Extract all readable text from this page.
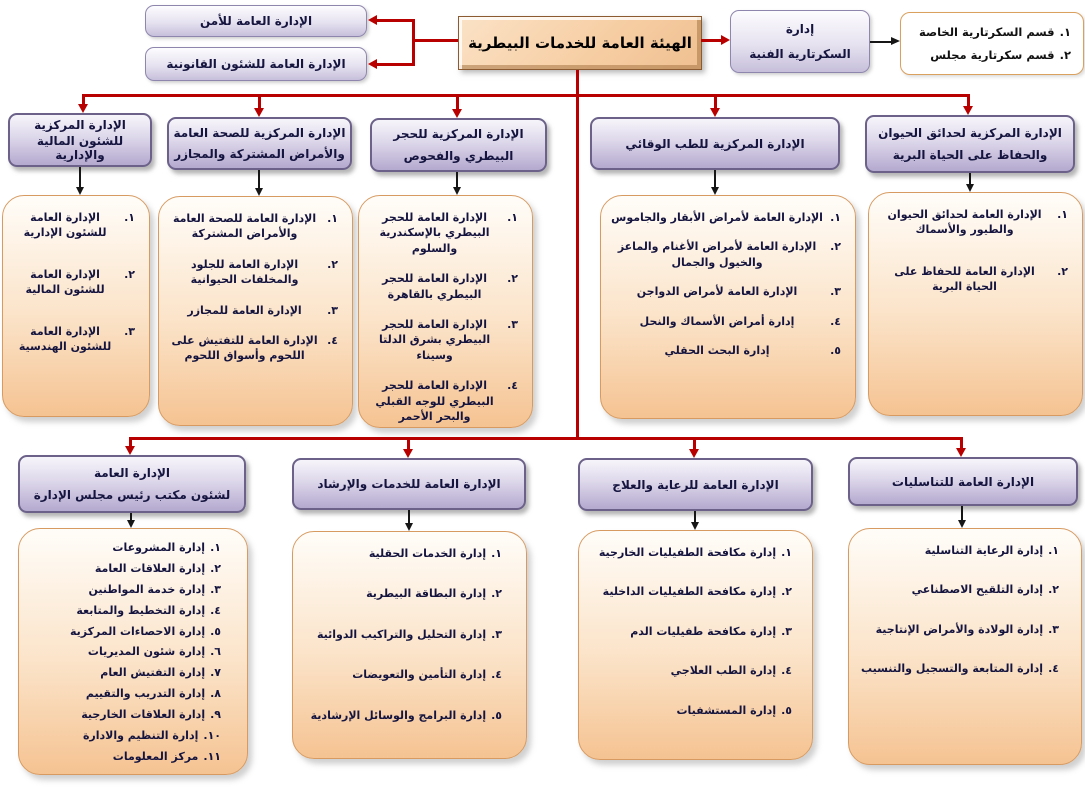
الهيئة العامة للخدمات البيطرية
الإدارة العامة للأمن
الإدارة العامة للشئون القانونية
إدارة
السكرتارية الفنية
١.
قسم السكرتارية الخاصة
٢.
قسم سكرتارية مجلس
الإدارة المركزية
للشئون المالية والإدارية
الإدارة المركزية للصحة العامة
والأمراض المشتركة والمجازر
الإدارة المركزية للحجر
البيطري والفحوص
الإدارة المركزية للطب الوقائي
الإدارة المركزية لحدائق الحيوان
والحفاظ على الحياة البرية
١.
الإدارة العامة للشئون الإدارية
٢.
الإدارة العامة للشئون المالية
٣.
الإدارة العامة للشئون الهندسية
١.
الإدارة العامة للصحة العامة والأمراض المشتركة
٢.
الإدارة العامة للجلود والمخلفات الحيوانية
٣.
الإدارة العامة للمجازر
٤.
الإدارة العامة للتفتيش على اللحوم وأسواق اللحوم
١.
الإدارة العامة للحجر البيطري بالإسكندرية والسلوم
٢.
الإدارة العامة للحجر البيطري بالقاهرة
٣.
الإدارة العامة للحجر البيطري بشرق الدلتا وسيناء
٤.
الإدارة العامة للحجر البيطري للوجه القبلي والبحر الأحمر
١.
الإدارة العامة لأمراض الأبقار والجاموس
٢.
الإدارة العامة لأمراض الأغنام والماعز والخيول والجمال
٣.
الإدارة العامة لأمراض الدواجن
٤.
إدارة أمراض الأسماك والنحل
٥.
إدارة البحث الحقلي
١.
الإدارة العامة لحدائق الحيوان والطيور والأسماك
٢.
الإدارة العامة للحفاظ على الحياة البرية
الإدارة العامة
لشئون مكتب رئيس مجلس الإدارة
الإدارة العامة للخدمات والإرشاد	الإدارة العامة للرعاية والعلاج	الإدارة العامة للتناسليات
١.
إدارة المشروعات
٢.
إدارة العلاقات العامة
٣.
إدارة خدمة المواطنين
٤.
إدارة التخطيط والمتابعة
٥.
إدارة الاحصاءات المركزية
٦.
إدارة شئون المديريات
٧.
إدارة التفتيش العام
٨.
إدارة التدريب والتقييم
٩.
إدارة العلاقات الخارجية
١٠.
إدارة التنظيم والادارة
١١.
مركز المعلومات
١.
إدارة الخدمات الحقلية
٢.
إدارة البطاقة البيطرية
٣.
إدارة التحليل والتراكيب الدوائية
٤.
إدارة التأمين والتعويضات
٥.
إدارة البرامج والوسائل الإرشادية
١.
إدارة مكافحة الطفيليات الخارجية
٢.
إدارة مكافحة الطفيليات الداخلية
٣.
إدارة مكافحة طفيليات الدم
٤.
إدارة الطب العلاجي
٥.
إدارة المستشفيات
١.
إدارة الرعاية التناسلية
٢.
إدارة التلقيح الاصطناعي
٣.
إدارة الولادة والأمراض الإنتاجية
٤.
إدارة المتابعة والتسجيل والتنسيب
